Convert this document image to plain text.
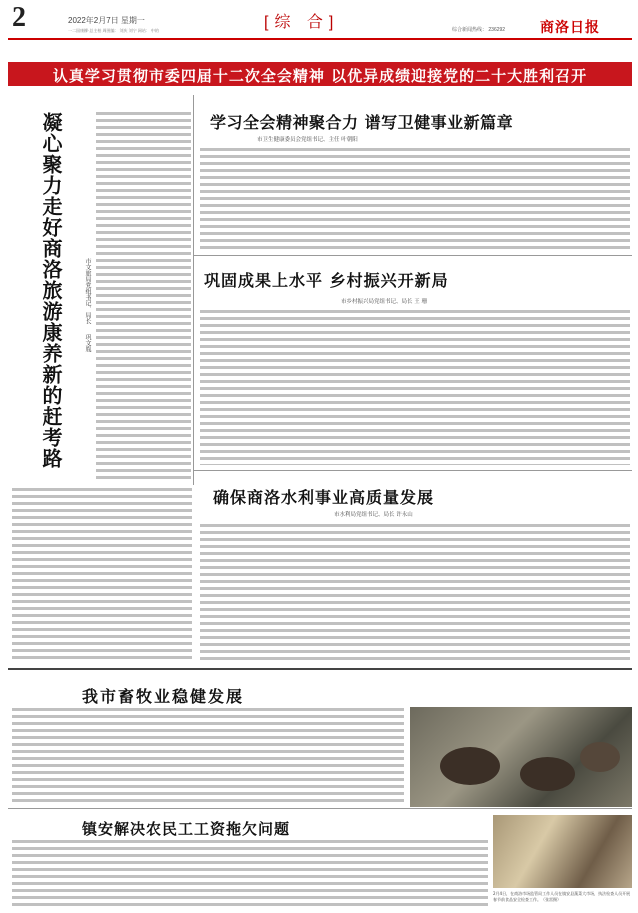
2	2022年2月7日 星期一
一二国康柳·总主柏 周围编： 刘庆 刘宁 网站： 中的	[综 合]	综合新闻热线： 236292 商洛日报
认真学习贯彻市委四届十二次全会精神 以优异成绩迎接党的二十大胜利召开
凝心聚力走好商洛旅游康养新的赶考路	市文旅局党组书记、局长 巩文胤
学习全会精神聚合力 谱写卫健事业新篇章
市卫生健康委员会党组书记、主任 叶朝阳
巩固成果上水平 乡村振兴开新局
市乡村振兴局党组书记、局长 王 珊
确保商洛水利事业高质量发展
市水利局党组书记、局长 许永山
我市畜牧业稳健发展
镇安解决农民工工资拖欠问题
2月4日，在商洛市场监管局工作人员在镇安县蔬菜大市场，执法检查人员开展春节前食品安全检查工作。（张雷摄）
